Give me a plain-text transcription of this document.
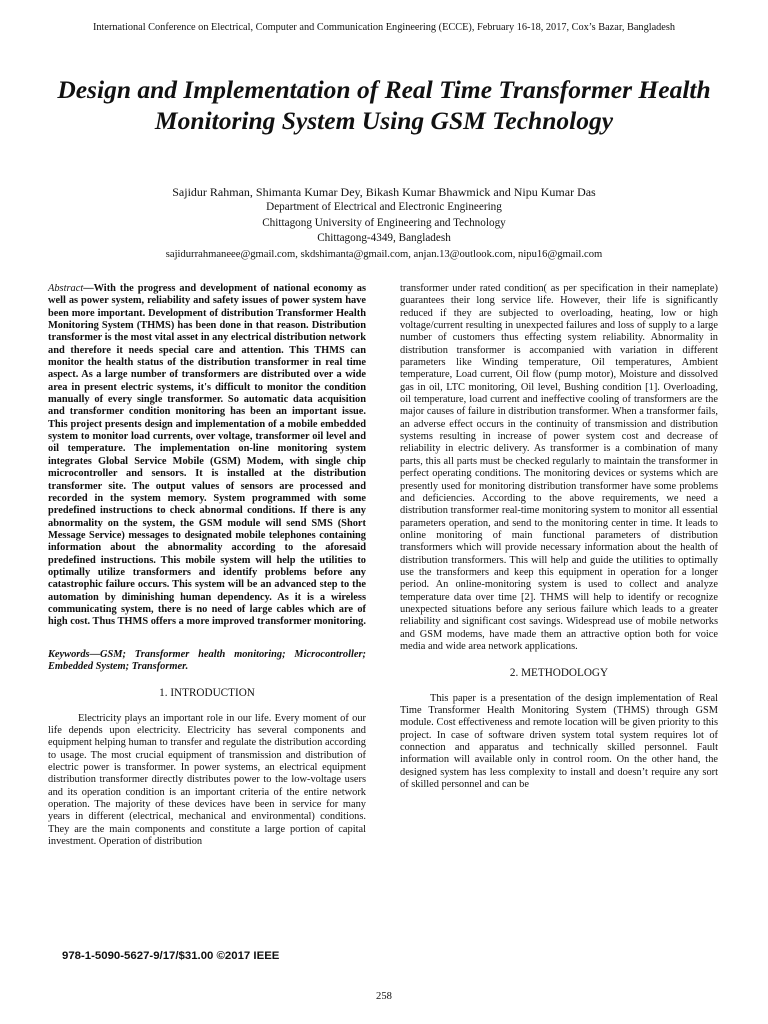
International Conference on Electrical, Computer and Communication Engineering (ECCE), February 16-18, 2017, Cox’s Bazar, Bangladesh
Design and Implementation of Real Time Transformer Health Monitoring System Using GSM Technology
Sajidur Rahman, Shimanta Kumar Dey, Bikash Kumar Bhawmick and Nipu Kumar Das
Department of Electrical and Electronic Engineering
Chittagong University of Engineering and Technology
Chittagong-4349, Bangladesh
sajidurrahmaneee@gmail.com, skdshimanta@gmail.com, anjan.13@outlook.com, nipu16@gmail.com
Abstract—With the progress and development of national economy as well as power system, reliability and safety issues of power system have been more important. Development of distribution Transformer Health Monitoring System (THMS) has been done in that reason. Distribution transformer is the most vital asset in any electrical distribution network and therefore it needs special care and attention. This THMS can monitor the health status of the distribution transformer in real time aspect. As a large number of transformers are distributed over a wide area in present electric systems, it's difficult to monitor the condition manually of every single transformer. So automatic data acquisition and transformer condition monitoring has been an important issue. This project presents design and implementation of a mobile embedded system to monitor load currents, over voltage, transformer oil level and oil temperature. The implementation on-line monitoring system integrates Global Service Mobile (GSM) Modem, with single chip microcontroller and sensors. It is installed at the distribution transformer site. The output values of sensors are processed and recorded in the system memory. System programmed with some predefined instructions to check abnormal conditions. If there is any abnormality on the system, the GSM module will send SMS (Short Message Service) messages to designated mobile telephones containing information about the abnormality according to the aforesaid predefined instructions. This mobile system will help the utilities to optimally utilize transformers and identify problems before any catastrophic failure occurs. This system will be an advanced step to the automation by diminishing human dependency. As it is a wireless communicating system, there is no need of large cables which are of high cost. Thus THMS offers a more improved transformer monitoring.
Keywords—GSM; Transformer health monitoring; Microcontroller; Embedded System; Transformer.
1. INTRODUCTION

Electricity plays an important role in our life. Every moment of our life depends upon electricity. Electricity has several components and equipment helping human to transfer and regulate the distribution according to usage. The most crucial equipment of transmission and distribution of electric power is transformer. In power systems, an electrical equipment distribution transformer directly distributes power to the low-voltage users and its operation condition is an important criteria of the entire network operation. The majority of these devices have been in service for many years in different (electrical, mechanical and environmental) conditions. They are the main components and constitute a large portion of capital investment. Operation of distribution

transformer under rated condition( as per specification in their nameplate) guarantees their long service life. However, their life is significantly reduced if they are subjected to overloading, heating, low or high voltage/current resulting in unexpected failures and loss of supply to a large number of customers thus effecting system reliability. Abnormality in distribution transformer is accompanied with variation in different parameters like Winding temperature, Oil temperatures, Ambient temperature, Load current, Oil flow (pump motor), Moisture and dissolved gas in oil, LTC monitoring, Oil level, Bushing condition [1]. Overloading, oil temperature, load current and ineffective cooling of transformers are the major causes of failure in distribution transformer. When a transformer fails, an adverse effect occurs in the continuity of transmission and distribution systems resulting in increase of power system cost and decrease of reliability in electric delivery. As transformer is a combination of many parts, this all parts must be checked regularly to maintain the transformer in perfect operating conditions. The monitoring devices or systems which are presently used for monitoring distribution transformer have some problems and deficiencies. According to the above requirements, we need a distribution transformer real-time monitoring system to monitor all essential parameters operation, and send to the monitoring center in time. It leads to online monitoring of main functional parameters of distribution transformers which will provide necessary information about the health of distribution transformers. This will help and guide the utilities to optimally use the transformers and keep this equipment in operation for a longer period. An online-monitoring system is used to collect and analyze temperature data over time [2]. THMS will help to identify or recognize unexpected situations before any serious failure which leads to a greater reliability and significant cost savings. Widespread use of mobile networks and GSM modems, have made them an attractive option both for voice media and wide area network applications.

2. METHODOLOGY

This paper is a presentation of the design implementation of Real Time Transformer Health Monitoring System (THMS) through GSM module. Cost effectiveness and remote location will be given priority to this project. In case of software driven system total system requires lot of connection and apparatus and technically skilled personnel. Fault information will available only in control room. On the other hand, the designed system has less complexity to install and doesn’t require any sort of skilled personnel and can be

978-1-5090-5627-9/17/$31.00 ©2017 IEEE
258
